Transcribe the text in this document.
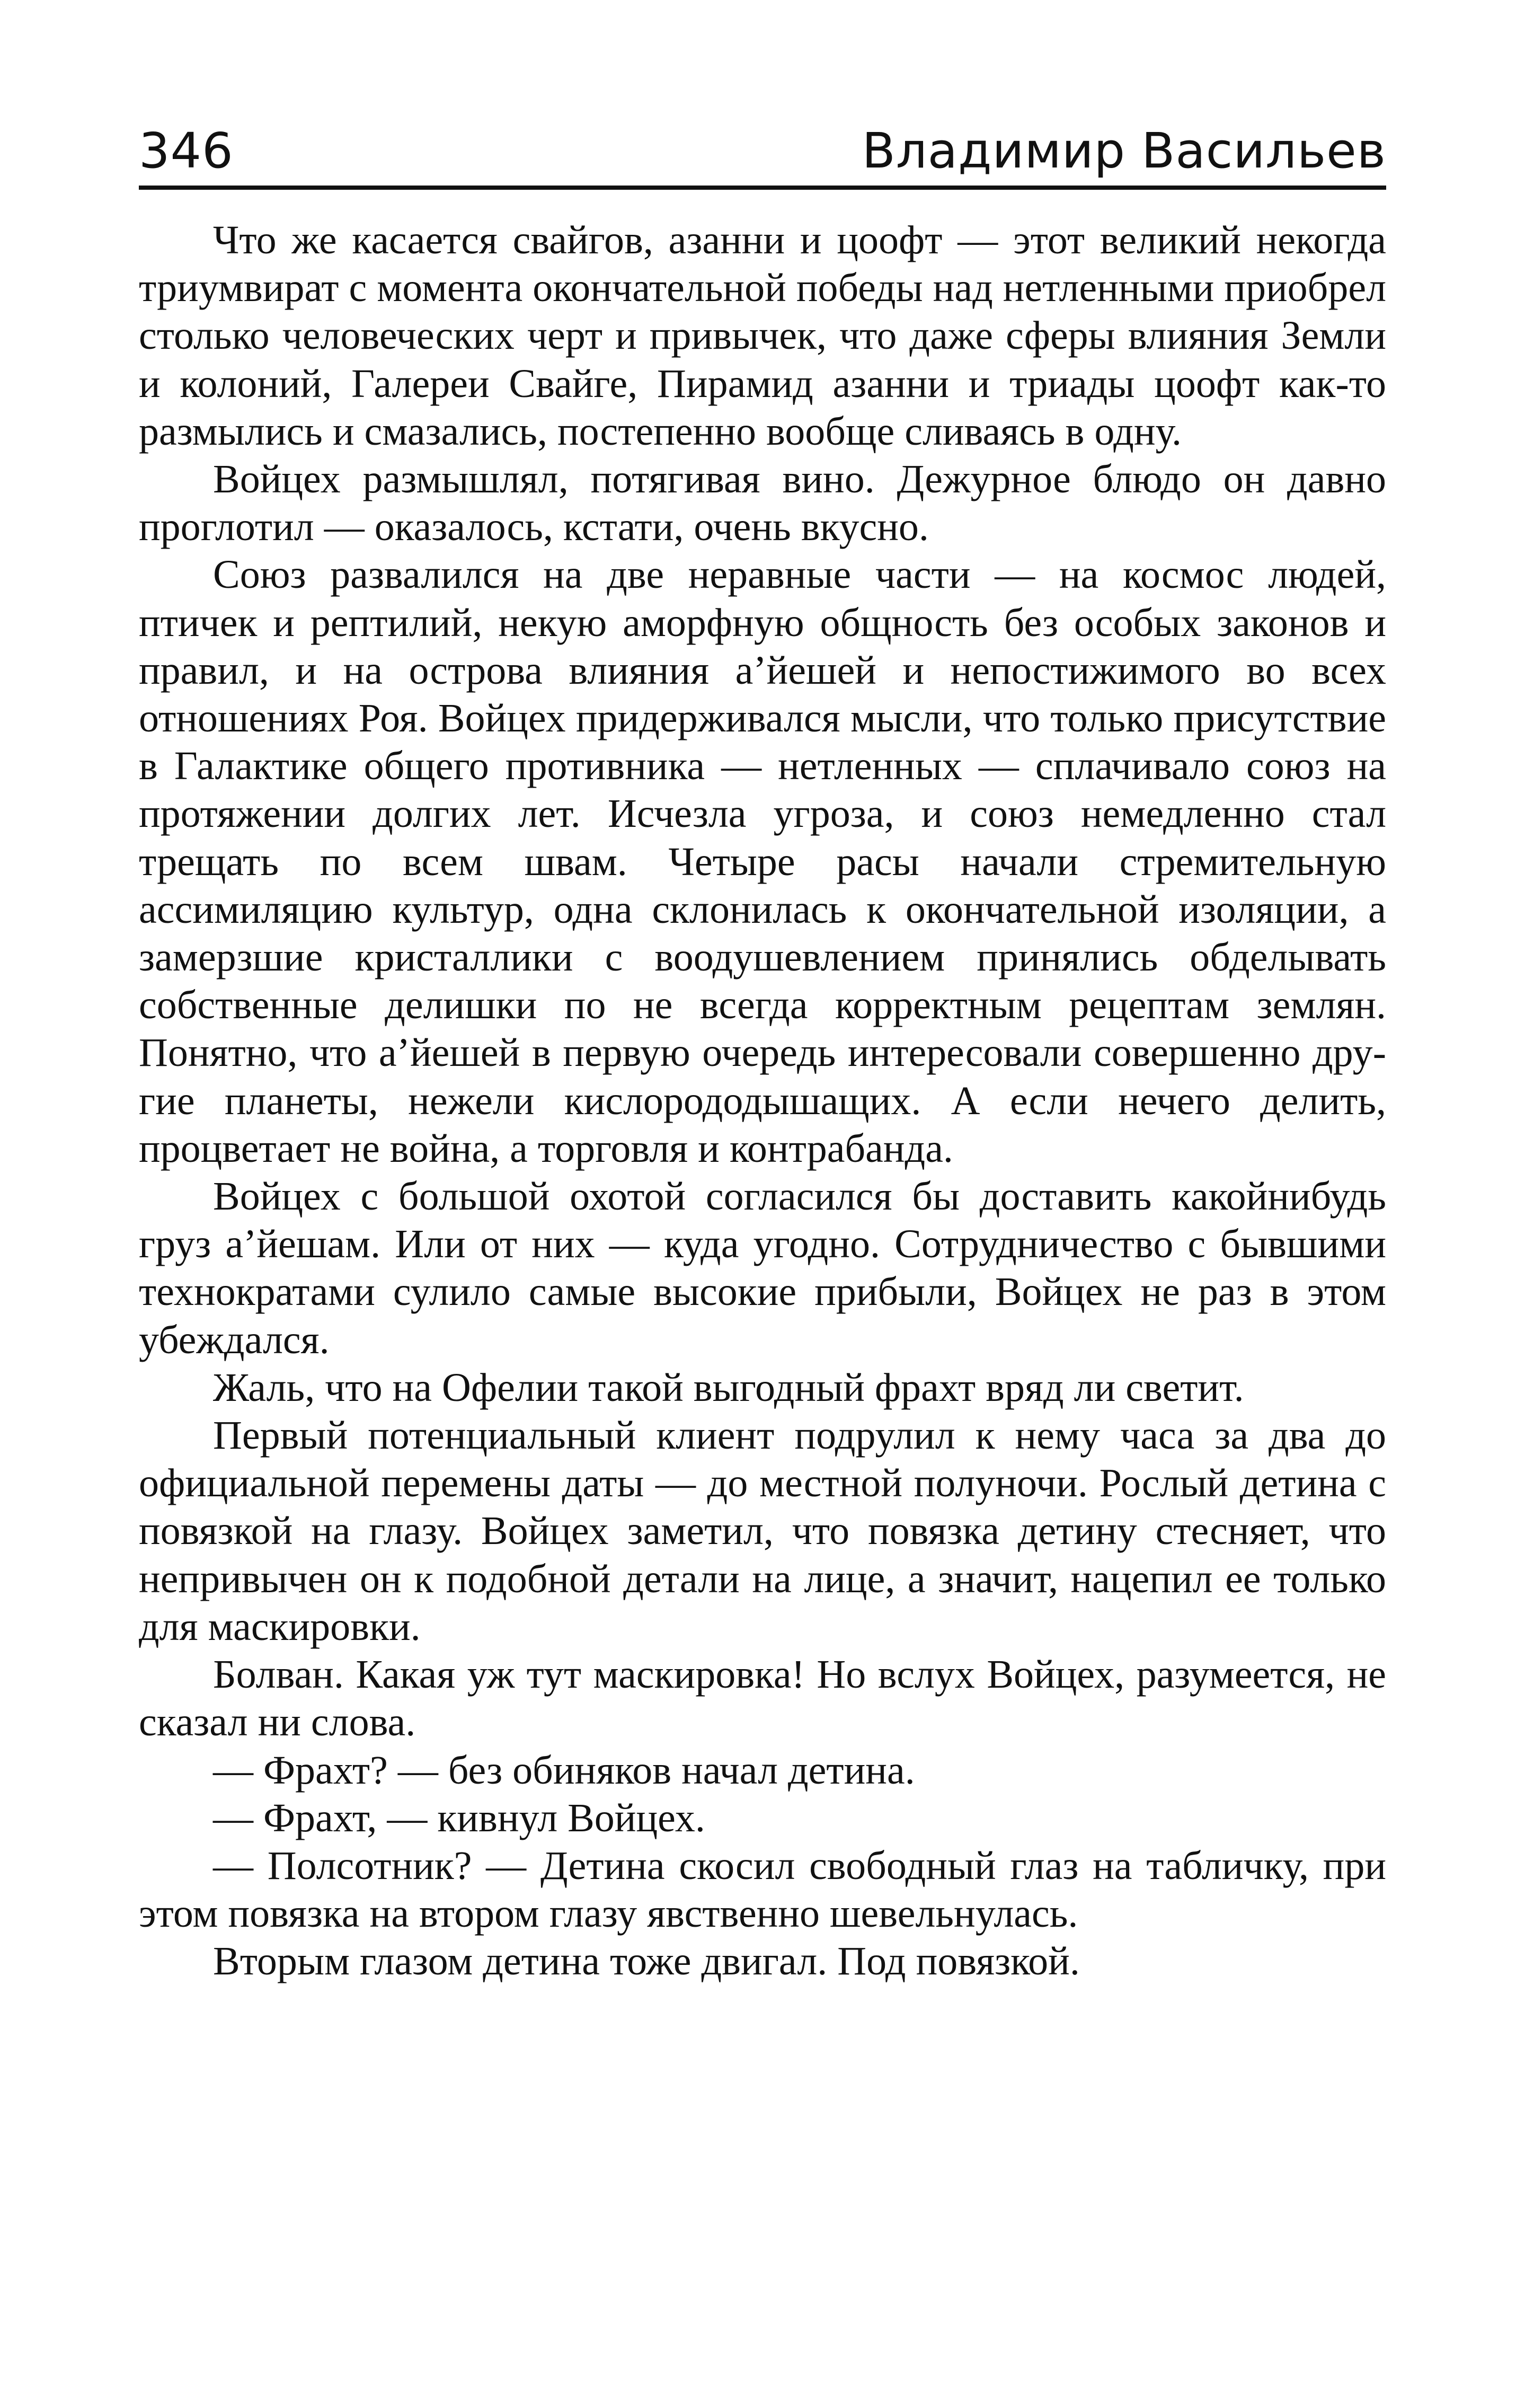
346	Владимир Васильев

Что же касается свайгов, азанни и цоофт — этот великий некогда триумвират с момента окончательной победы над нетленными приобрел столько человеческих черт и привычек, что даже сферы влияния Земли и колоний, Галереи Свайге, Пирамид азанни и триады цоофт как-то размылись и смазались, постепенно вообще сливаясь в одну.

Войцех размышлял, потягивая вино. Дежурное блюдо он давно проглотил — оказалось, кстати, очень вкусно.

Союз развалился на две неравные части — на космос людей, птичек и рептилий, некую аморфную общность без особых законов и правил, и на острова влияния а’йешей и непостижимого во всех отношениях Роя. Войцех придерживался мысли, что только присутствие в Галактике общего противника — нетленных — сплачивало союз на протяжении долгих лет. Исчезла угроза, и союз немедленно стал трещать по всем швам. Четыре расы начали стремительную ассимиляцию культур, одна склонилась к окончательной изоляции, а замерзшие кристаллики с воодушевлением принялись обделывать собственные делишки по не всегда корректным рецептам землян. Понятно, что а’йешей в первую очередь интересовали совершенно другие планеты, нежели кислорододышащих. А если нечего делить, процветает не война, а торговля и контрабанда.

Войцех с большой охотой согласился бы доставить какойнибудь груз а’йешам. Или от них — куда угодно. Сотрудничество с бывшими технократами сулило самые высокие прибыли, Войцех не раз в этом убеждался.

Жаль, что на Офелии такой выгодный фрахт вряд ли светит.

Первый потенциальный клиент подрулил к нему часа за два до официальной перемены даты — до местной полуночи. Рослый детина с повязкой на глазу. Войцех заметил, что повязка детину стесняет, что непривычен он к подобной детали на лице, а значит, нацепил ее только для маскировки.

Болван. Какая уж тут маскировка! Но вслух Войцех, разумеется, не сказал ни слова.

— Фрахт? — без обиняков начал детина.

— Фрахт, — кивнул Войцех.

— Полсотник? — Детина скосил свободный глаз на табличку, при этом повязка на втором глазу явственно шевельнулась.

Вторым глазом детина тоже двигал. Под повязкой.
